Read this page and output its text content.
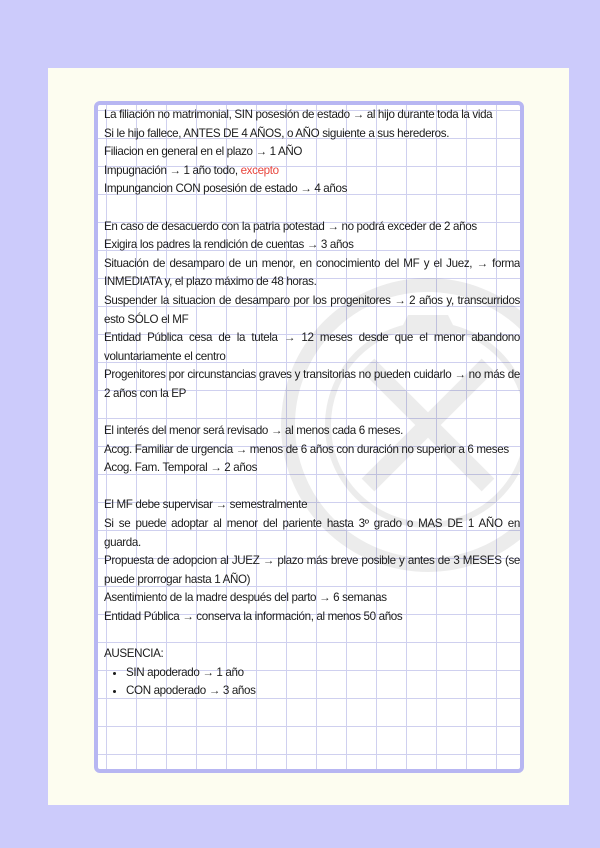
La filiación no matrimonial, SIN posesión de estado → al hijo durante toda la vida

Si le hijo fallece, ANTES DE 4 AÑOS, o AÑO siguiente a sus herederos.

Filiacion en general en el plazo → 1 AÑO

Impugnación → 1 año todo, excepto

Impungancion CON posesión de estado → 4 años

En caso de desacuerdo con la patria potestad → no podrá exceder de 2 años

Exigira los padres la rendición de cuentas → 3 años

Situación de desamparo de un menor, en conocimiento del MF y el Juez, → forma INMEDIATA y, el plazo máximo de 48 horas.

Suspender la situacion de desamparo por los progenitores → 2 años y, transcurridos esto SÓLO el MF

Entidad Pública cesa de la tutela → 12 meses desde que el menor abandono voluntariamente el centro

Progenitores por circunstancias graves y transitorias no pueden cuidarlo → no más de 2 años con la EP

El interés del menor será revisado → al menos cada 6 meses.

Acog. Familiar de urgencia → menos de 6 años con duración no superior a 6 meses

Acog. Fam. Temporal → 2 años

El MF debe supervisar → semestralmente

Si se puede adoptar al menor del pariente hasta 3º grado o MAS DE 1 AÑO en guarda.

Propuesta de adopcion al JUEZ → plazo más breve posible y antes de 3 MESES (se puede prorrogar hasta 1 AÑO)

Asentimiento de la madre después del parto → 6 semanas

Entidad Pública → conserva la información, al menos 50 años

AUSENCIA:

• SIN apoderado → 1 año
• CON apoderado → 3 años
